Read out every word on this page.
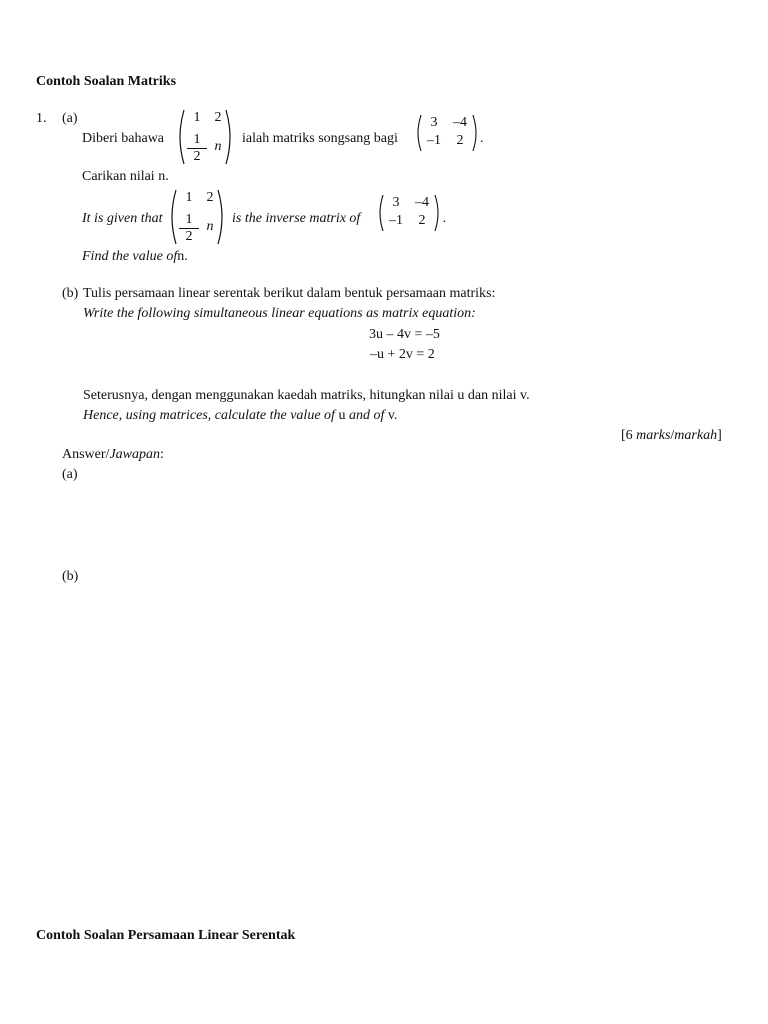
Contoh Soalan Matriks
1. (a)
Diberi bahawa
1	2
$\frac{1}{2}$ n
ialah matriks songsang bagi
3	–4
–1	2	.
Carikan nilai n.
It is given that
1	2
$\frac{1}{2}$ n
is the inverse matrix of
3	–4
–1	2	.
Find the value ofn.
(b) Tulis persamaan linear serentak berikut dalam bentuk persamaan matriks:
Write the following simultaneous linear equations as matrix equation:
3u – 4v = –5
–u + 2v = 2
Seterusnya, dengan menggunakan kaedah matriks, hitungkan nilai u dan nilai v.
Hence, using matrices, calculate the value of u and of v.
[6 marks/markah]
Answer/Jawapan:
(a)
(b)
Contoh Soalan Persamaan Linear Serentak
